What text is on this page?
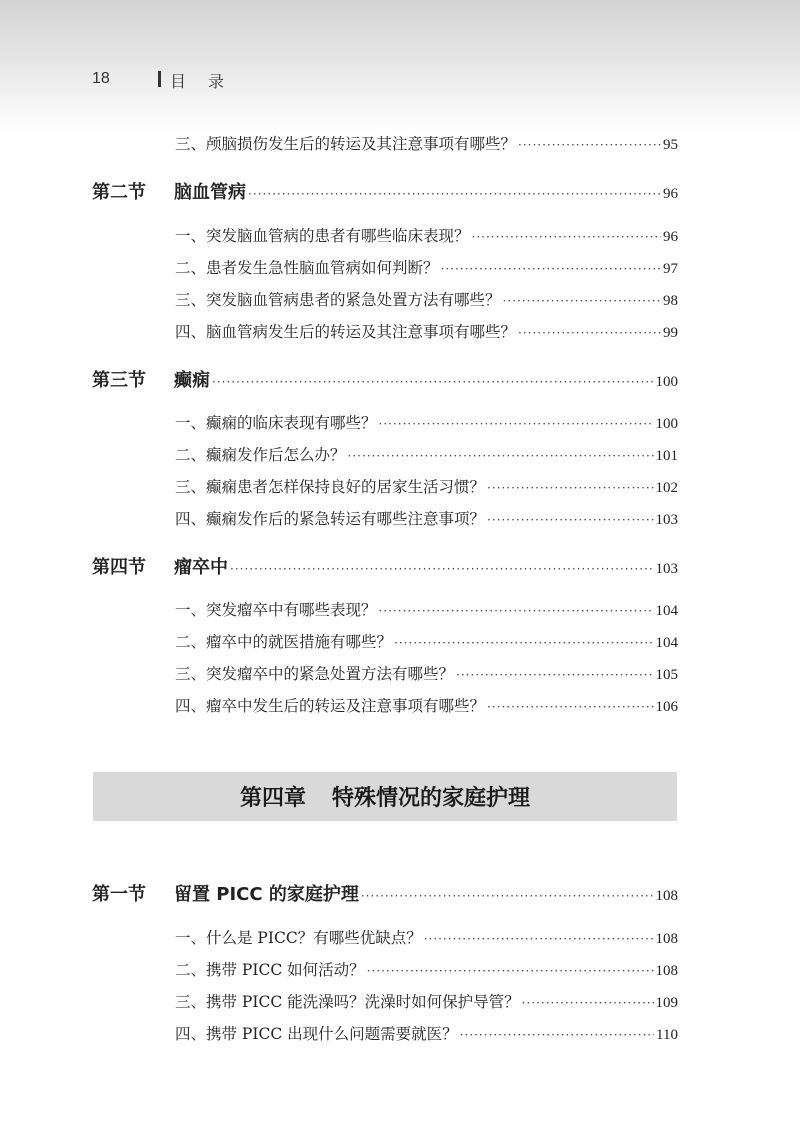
18	目录
三、颅脑损伤发生后的转运及其注意事项有哪些？ ·····	95
第二节	脑血管病 ·····	96
一、突发脑血管病的患者有哪些临床表现？ ·····	96
二、患者发生急性脑血管病如何判断？ ·····	97
三、突发脑血管病患者的紧急处置方法有哪些？ ·····	98
四、脑血管病发生后的转运及其注意事项有哪些？ ·····	99
第三节	癫痫 ·····	100
一、癫痫的临床表现有哪些？ ·····	100
二、癫痫发作后怎么办？ ·····	101
三、癫痫患者怎样保持良好的居家生活习惯？ ·····	102
四、癫痫发作后的紧急转运有哪些注意事项？ ·····	103
第四节	瘤卒中 ·····	103
一、突发瘤卒中有哪些表现？ ·····	104
二、瘤卒中的就医措施有哪些？ ·····	104
三、突发瘤卒中的紧急处置方法有哪些？ ·····	105
四、瘤卒中发生后的转运及注意事项有哪些？ ·····	106
第四章 特殊情况的家庭护理
第一节	留置 PICC 的家庭护理 ·····	108
一、什么是 PICC？有哪些优缺点？ ·····	108
二、携带 PICC 如何活动？ ·····	108
三、携带 PICC 能洗澡吗？洗澡时如何保护导管？ ·····	109
四、携带 PICC 出现什么问题需要就医？ ·····	110
